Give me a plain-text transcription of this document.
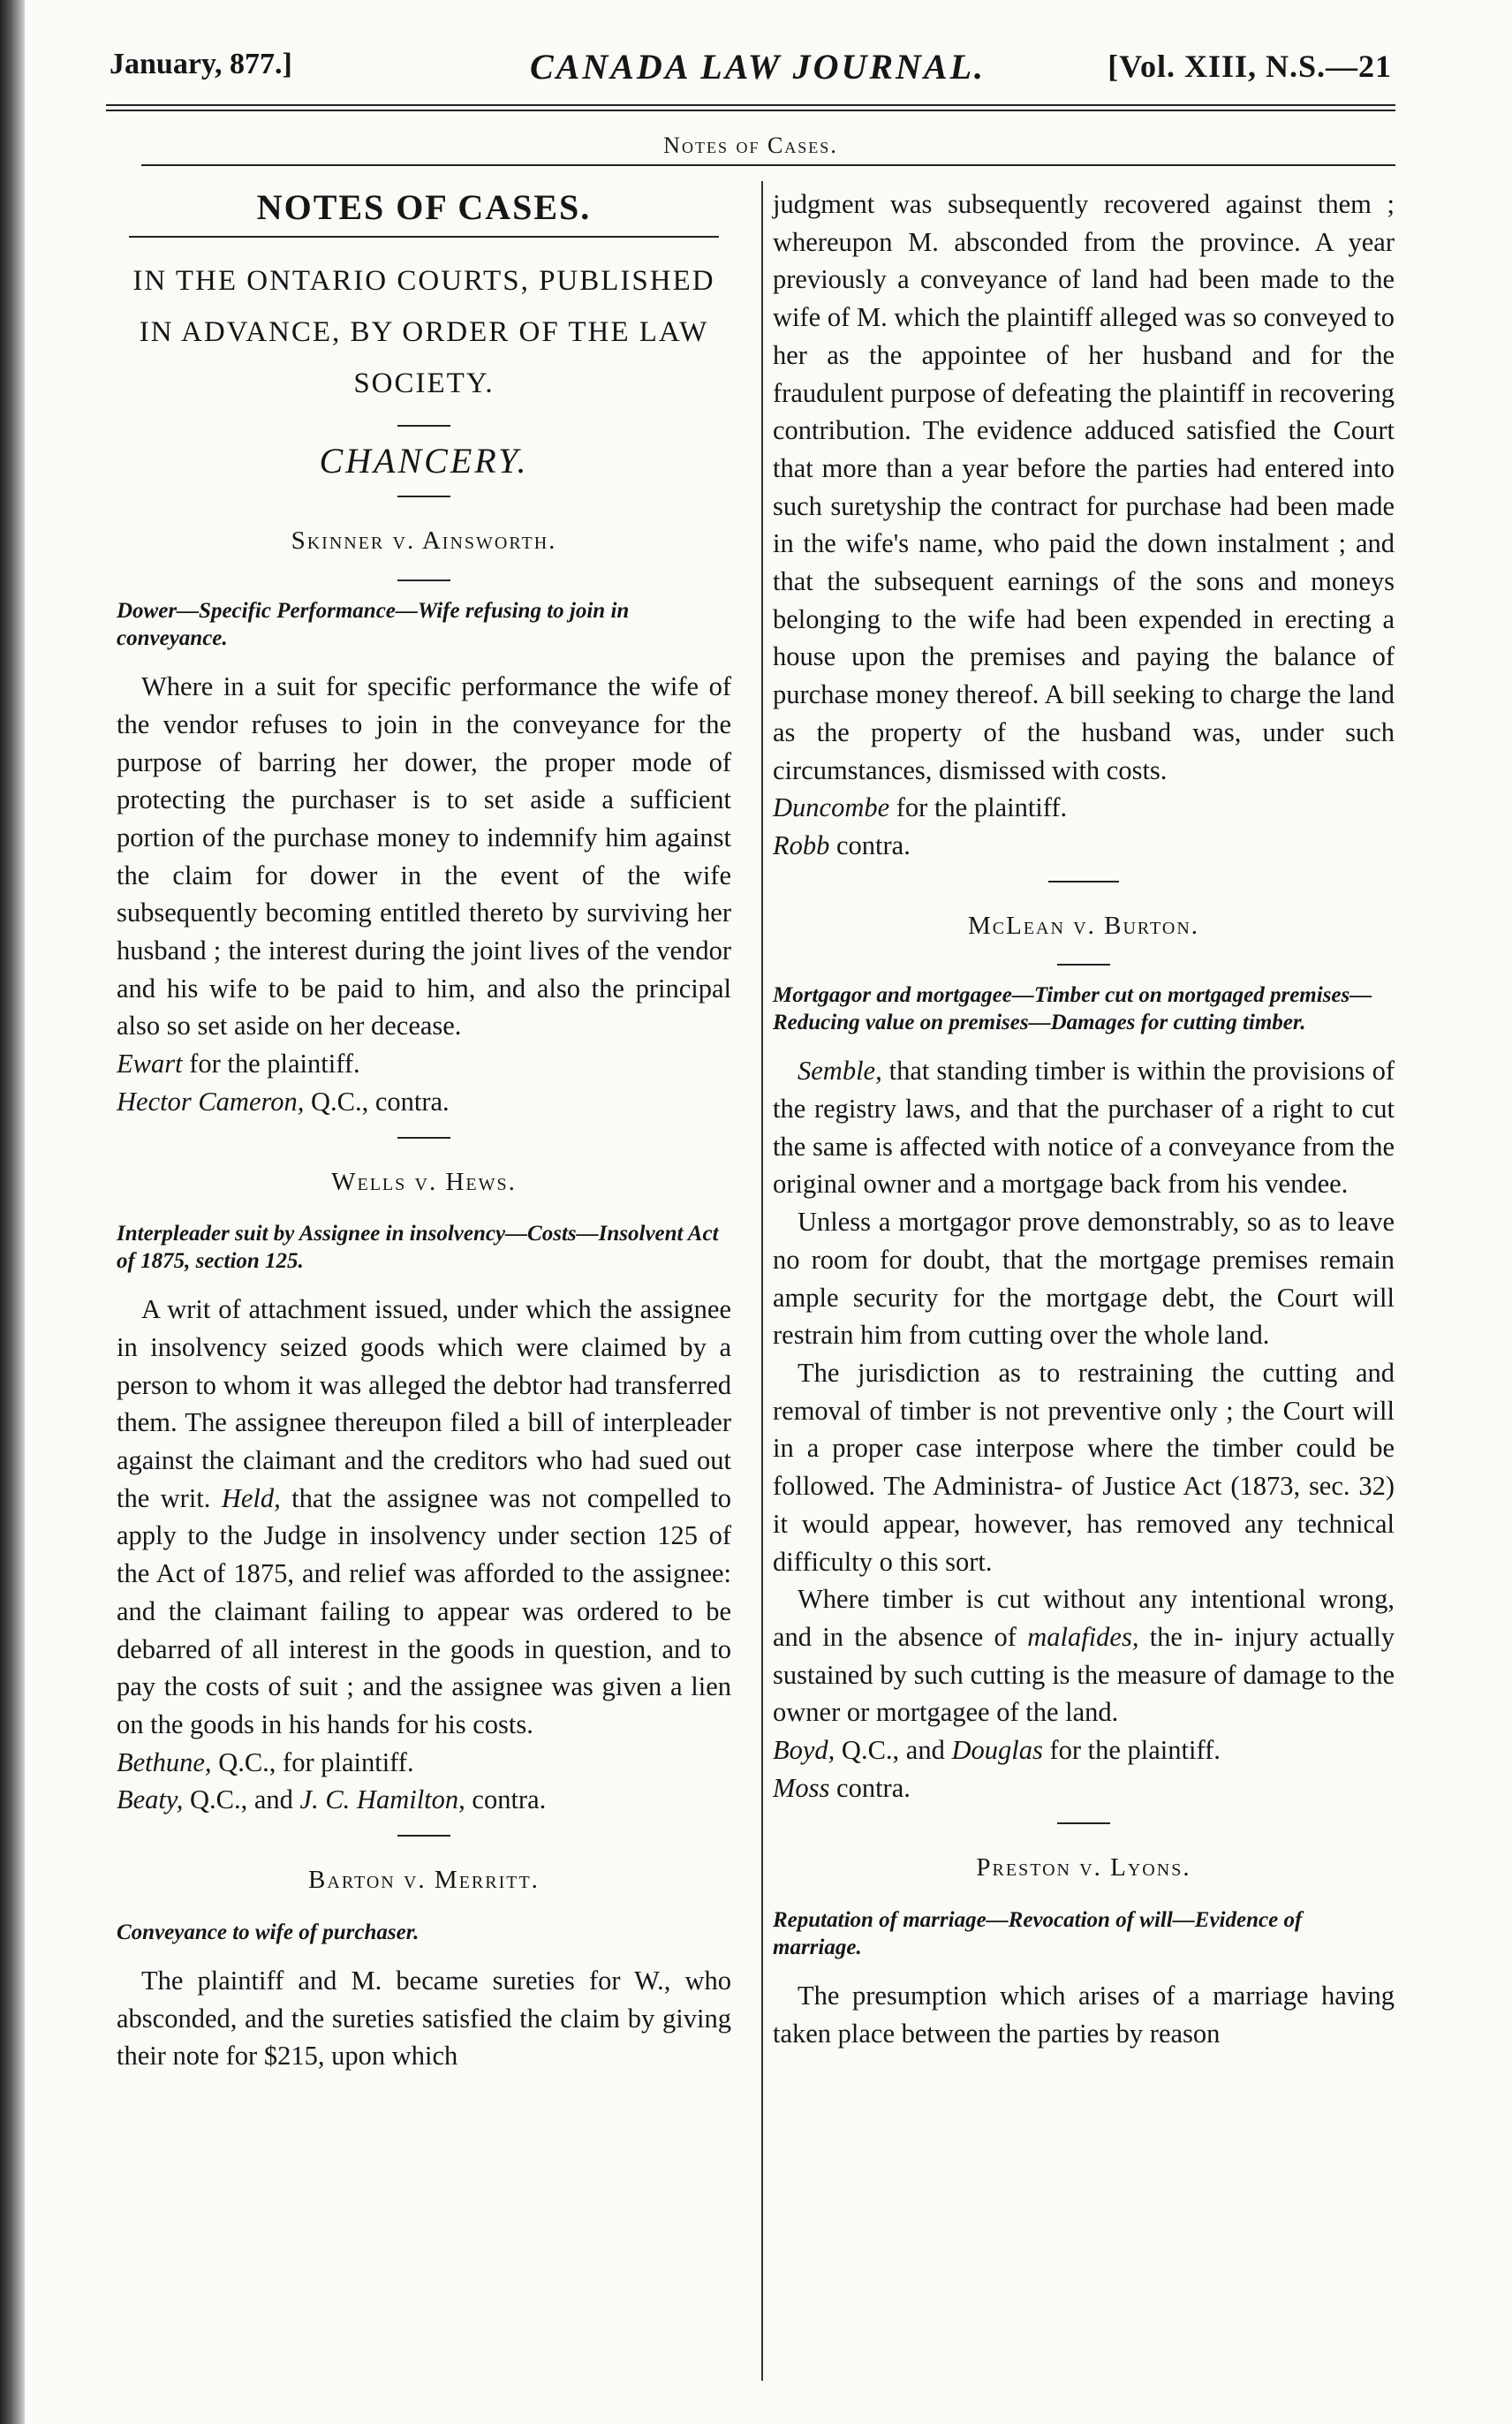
January, 877.]	CANADA LAW JOURNAL.	[Vol. XIII, N.S.—21
Notes of Cases.
NOTES OF CASES.
IN THE ONTARIO COURTS, PUBLISHED IN ADVANCE, BY ORDER OF THE LAW SOCIETY.
CHANCERY.
Skinner v. Ainsworth.
Dower—Specific Performance—Wife refusing to join in conveyance.

Where in a suit for specific performance the wife of the vendor refuses to join in the conveyance for the purpose of barring her dower, the proper mode of protecting the purchaser is to set aside a sufficient portion of the purchase money to indemnify him against the claim for dower in the event of the wife subsequently becoming entitled thereto by surviving her husband ; the interest during the joint lives of the vendor and his wife to be paid to him, and also the principal also so set aside on her decease.

Ewart for the plaintiff.

Hector Cameron, Q.C., contra.

Wells v. Hews.
Interpleader suit by Assignee in insolvency—Costs—Insolvent Act of 1875, section 125.

A writ of attachment issued, under which the assignee in insolvency seized goods which were claimed by a person to whom it was alleged the debtor had transferred them. The assignee thereupon filed a bill of interpleader against the claimant and the creditors who had sued out the writ. Held, that the assignee was not compelled to apply to the Judge in insolvency under section 125 of the Act of 1875, and relief was afforded to the assignee: and the claimant failing to appear was ordered to be debarred of all interest in the goods in question, and to pay the costs of suit ; and the assignee was given a lien on the goods in his hands for his costs.

Bethune, Q.C., for plaintiff.

Beaty, Q.C., and J. C. Hamilton, contra.

Barton v. Merritt.
Conveyance to wife of purchaser.

The plaintiff and M. became sureties for W., who absconded, and the sureties satisfied the claim by giving their note for $215, upon which

judgment was subsequently recovered against them ; whereupon M. absconded from the province. A year previously a conveyance of land had been made to the wife of M. which the plaintiff alleged was so conveyed to her as the appointee of her husband and for the fraudulent purpose of defeating the plaintiff in recovering contribution. The evidence adduced satisfied the Court that more than a year before the parties had entered into such suretyship the contract for purchase had been made in the wife's name, who paid the down instalment ; and that the subsequent earnings of the sons and moneys belonging to the wife had been expended in erecting a house upon the premises and paying the balance of purchase money thereof. A bill seeking to charge the land as the property of the husband was, under such circumstances, dismissed with costs.

Duncombe for the plaintiff.

Robb contra.

McLean v. Burton.
Mortgagor and mortgagee—Timber cut on mortgaged premises—Reducing value on premises—Damages for cutting timber.

Semble, that standing timber is within the provisions of the registry laws, and that the purchaser of a right to cut the same is affected with notice of a conveyance from the original owner and a mortgage back from his vendee.

Unless a mortgagor prove demonstrably, so as to leave no room for doubt, that the mortgage premises remain ample security for the mortgage debt, the Court will restrain him from cutting over the whole land.

The jurisdiction as to restraining the cutting and removal of timber is not preventive only ; the Court will in a proper case interpose where the timber could be followed. The Administra- of Justice Act (1873, sec. 32) it would appear, however, has removed any technical difficulty o this sort.

Where timber is cut without any intentional wrong, and in the absence of malafides, the in- injury actually sustained by such cutting is the measure of damage to the owner or mortgagee of the land.

Boyd, Q.C., and Douglas for the plaintiff.

Moss contra.

Preston v. Lyons.
Reputation of marriage—Revocation of will—Evidence of marriage.

The presumption which arises of a marriage having taken place between the parties by reason
